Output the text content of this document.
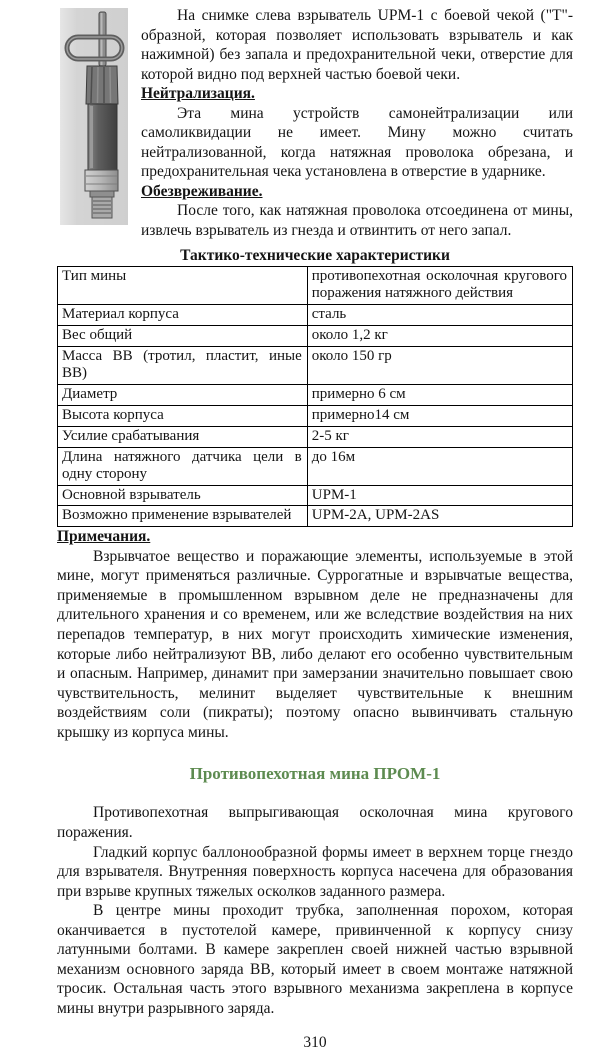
На снимке слева взрыватель UPM-1 с боевой чекой ("Т"-образной, которая позволяет использовать взрыватель и как нажимной) без запала и предохранительной чеки, отверстие для которой видно под верхней частью боевой чеки.

Нейтрализация.

Эта мина устройств самонейтрализации или самоликвидации не имеет. Мину можно считать нейтрализованной, когда натяжная проволока обрезана, и предохранительная чека установлена в отверстие в ударнике.

Обезвреживание.

После того, как натяжная проволока отсоединена от мины, извлечь взрыватель из гнезда и отвинтить от него запал.

Тактико-технические характеристики
Тип мины	противопехотная осколочная кругового поражения натяжного действия
Материал корпуса	сталь
Вес общий	около 1,2 кг
Масса ВВ (тротил, пластит, иные ВВ)	около 150 гр
Диаметр	примерно 6 см
Высота корпуса	примерно14 см
Усилие срабатывания	2-5 кг
Длина натяжного датчика цели в одну сторону	до 16м
Основной взрыватель	UPM-1
Возможно применение взрывателей	UPM-2A, UPM-2AS

Примечания.

Взрывчатое вещество и поражающие элементы, используемые в этой мине, могут применяться различные. Суррогатные и взрывчатые вещества, применяемые в промышленном взрывном деле не предназначены для длительного хранения и со временем, или же вследствие воздействия на них перепадов температур, в них могут происходить химические изменения, которые либо нейтрализуют ВВ, либо делают его особенно чувствительным и опасным. Например, динамит при замерзании значительно повышает свою чувствительность, мелинит выделяет чувствительные к внешним воздействиям соли (пикраты); поэтому опасно вывинчивать стальную крышку из корпуса мины.

Противопехотная мина ПРОМ-1

Противопехотная выпрыгивающая осколочная мина кругового поражения.

Гладкий корпус баллонообразной формы имеет в верхнем торце гнездо для взрывателя. Внутренняя поверхность корпуса насечена для образования при взрыве крупных тяжелых осколков заданного размера.

В центре мины проходит трубка, заполненная порохом, которая оканчивается в пустотелой камере, привинченной к корпусу снизу латунными болтами. В камере закреплен своей нижней частью взрывной механизм основного заряда ВВ, который имеет в своем монтаже натяжной тросик. Остальная часть этого взрывного механизма закреплена в корпусе мины внутри разрывного заряда.

310
